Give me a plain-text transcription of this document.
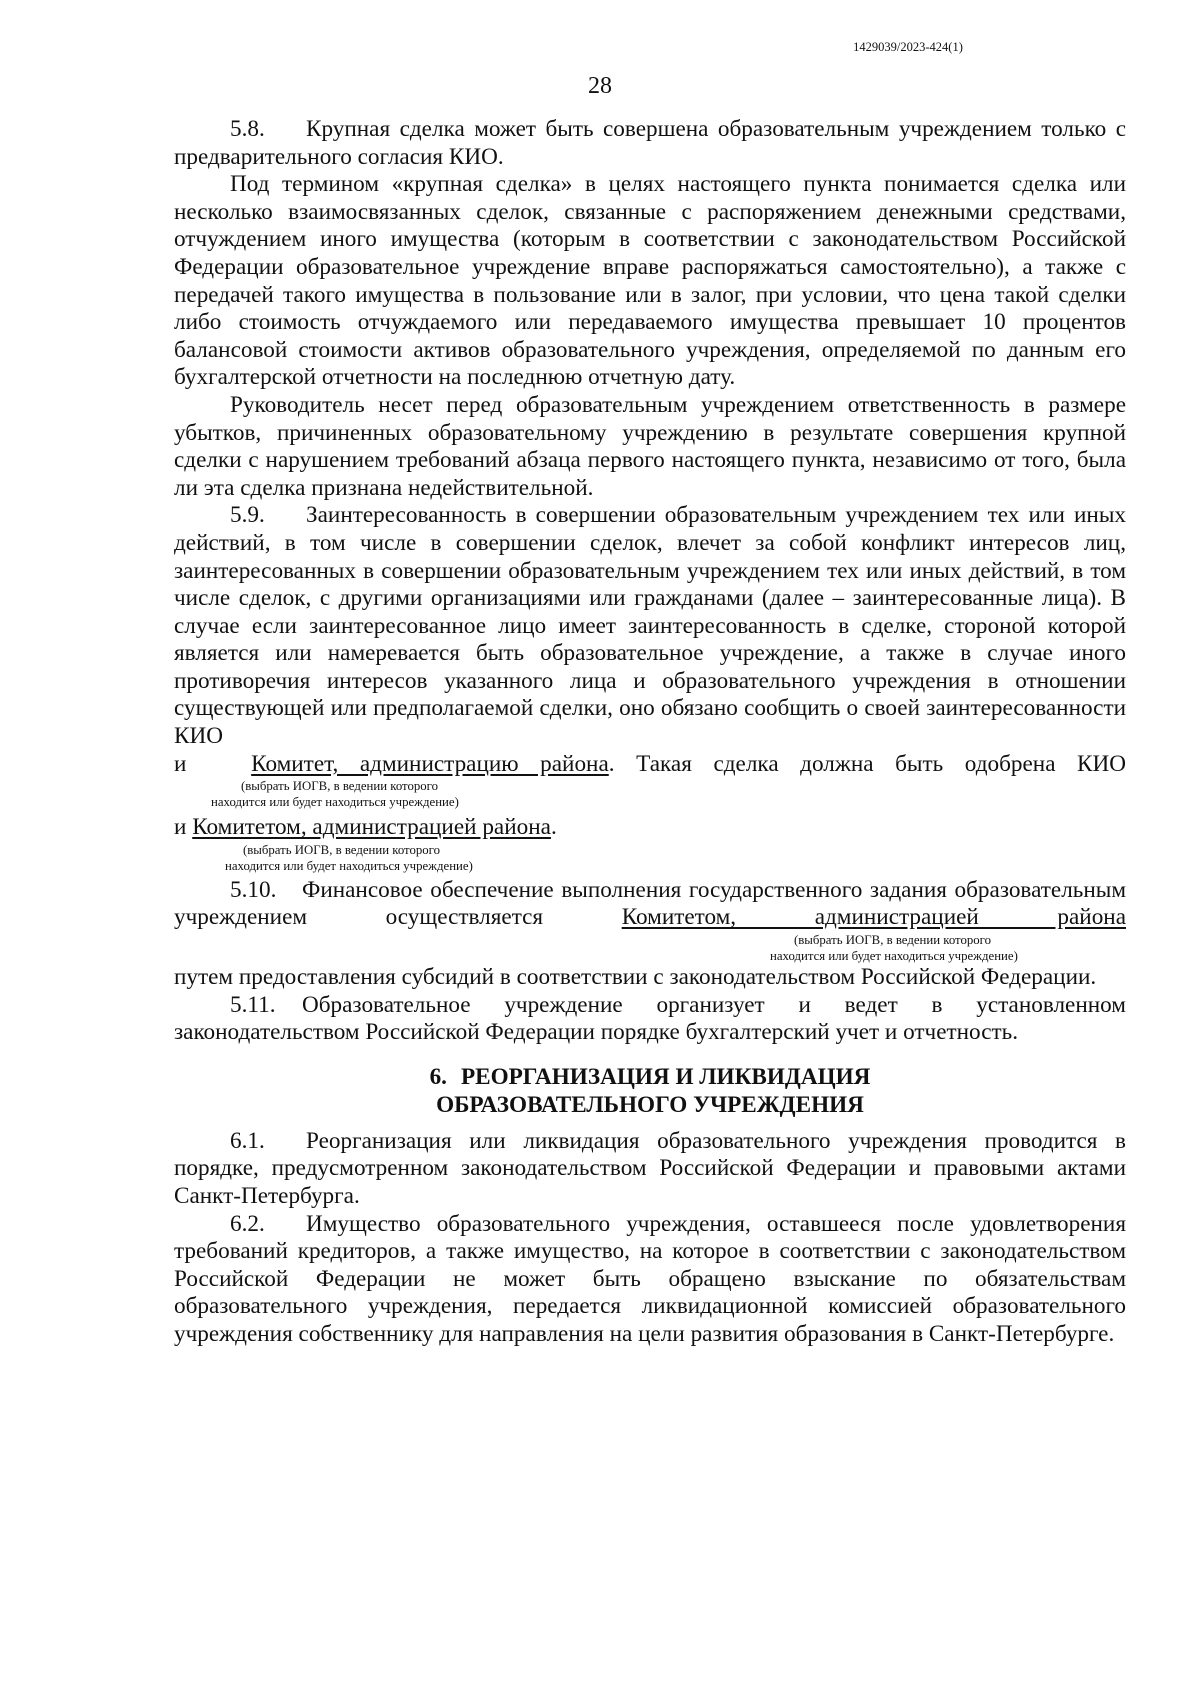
1429039/2023-424(1)
28

5.8. Крупная сделка может быть совершена образовательным учреждением только с предварительного согласия КИО.

Под термином «крупная сделка» в целях настоящего пункта понимается сделка или несколько взаимосвязанных сделок, связанные с распоряжением денежными средствами, отчуждением иного имущества (которым в соответствии с законодательством Российской Федерации образовательное учреждение вправе распоряжаться самостоятельно), а также с передачей такого имущества в пользование или в залог, при условии, что цена такой сделки либо стоимость отчуждаемого или передаваемого имущества превышает 10 процентов балансовой стоимости активов образовательного учреждения, определяемой по данным его бухгалтерской отчетности на последнюю отчетную дату.

Руководитель несет перед образовательным учреждением ответственность в размере убытков, причиненных образовательному учреждению в результате совершения крупной сделки с нарушением требований абзаца первого настоящего пункта, независимо от того, была ли эта сделка признана недействительной.

5.9. Заинтересованность в совершении образовательным учреждением тех или иных действий, в том числе в совершении сделок, влечет за собой конфликт интересов лиц, заинтересованных в совершении образовательным учреждением тех или иных действий, в том числе сделок, с другими организациями или гражданами (далее – заинтересованные лица). В случае если заинтересованное лицо имеет заинтересованность в сделке, стороной которой является или намеревается быть образовательное учреждение, а также в случае иного противоречия интересов указанного лица и образовательного учреждения в отношении существующей или предполагаемой сделки, оно обязано сообщить о своей заинтересованности КИО

и	Комитет, администрацию района. Такая сделка должна быть одобрена КИО

(выбрать ИОГВ, в ведении которого

находится или будет находиться учреждение)

и Комитетом, администрацией района.

(выбрать ИОГВ, в ведении которого

находится или будет находиться учреждение)

5.10. Финансовое обеспечение выполнения государственного задания образовательным учреждением осуществляется	Комитетом, администрацией района

(выбрать ИОГВ, в ведении которого

находится или будет находиться учреждение)

путем предоставления субсидий в соответствии с законодательством Российской Федерации.

5.11. Образовательное учреждение организует и ведет в установленном законодательством Российской Федерации порядке бухгалтерский учет и отчетность.

6. РЕОРГАНИЗАЦИЯ И ЛИКВИДАЦИЯ
ОБРАЗОВАТЕЛЬНОГО УЧРЕЖДЕНИЯ

6.1. Реорганизация или ликвидация образовательного учреждения проводится в порядке, предусмотренном законодательством Российской Федерации и правовыми актами Санкт-Петербурга.

6.2. Имущество образовательного учреждения, оставшееся после удовлетворения требований кредиторов, а также имущество, на которое в соответствии с законодательством Российской Федерации не может быть обращено взыскание по обязательствам образовательного учреждения, передается ликвидационной комиссией образовательного учреждения собственнику для направления на цели развития образования в Санкт-Петербурге.
